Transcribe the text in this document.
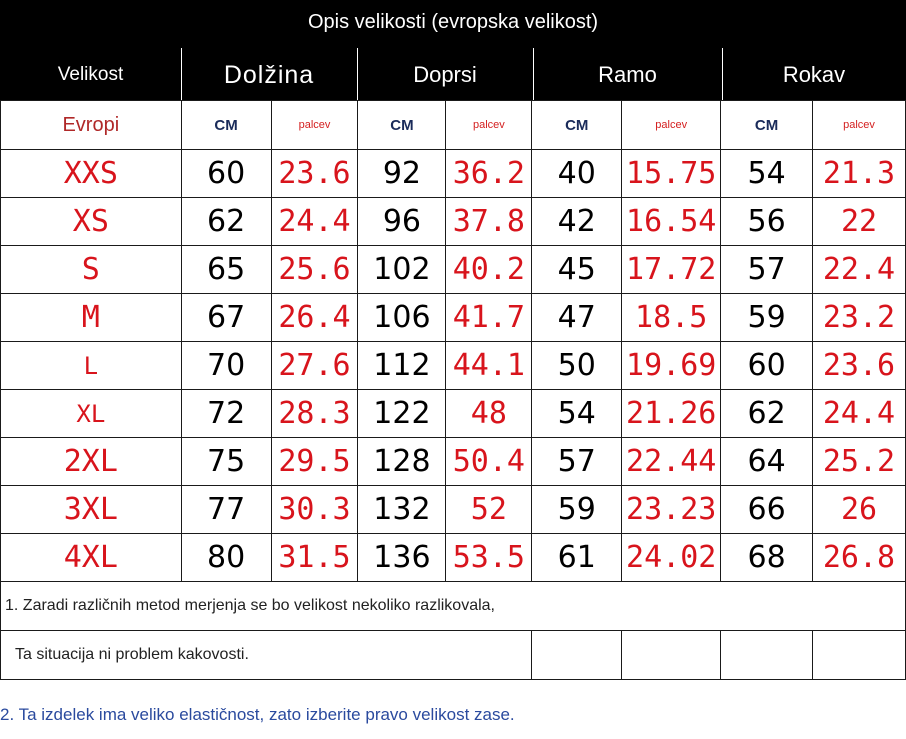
Opis velikosti (evropska velikost)
Velikost	Dolžina	Doprsi	Ramo	Rokav
Evropi	CM	palcev	CM	palcev	CM	palcev	CM	palcev
XXS	60	23.6	92	36.2	40	15.75	54	21.3
XS	62	24.4	96	37.8	42	16.54	56	22
S	65	25.6	102	40.2	45	17.72	57	22.4
M	67	26.4	106	41.7	47	18.5	59	23.2
L	70	27.6	112	44.1	50	19.69	60	23.6
XL	72	28.3	122	48	54	21.26	62	24.4
2XL	75	29.5	128	50.4	57	22.44	64	25.2
3XL	77	30.3	132	52	59	23.23	66	26
4XL	80	31.5	136	53.5	61	24.02	68	26.8
1. Zaradi različnih metod merjenja se bo velikost nekoliko razlikovala,								
Ta situacija ni problem kakovosti.								
2. Ta izdelek ima veliko elastičnost, zato izberite pravo velikost zase.
